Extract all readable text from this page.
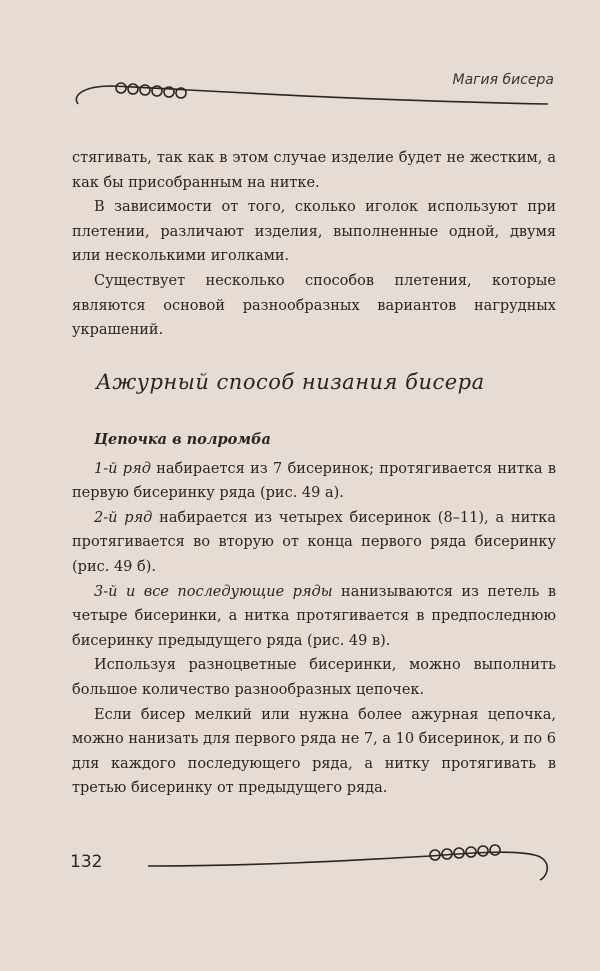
Магия бисера

стягивать, так как в этом случае изделие будет не жестким, а как бы присобранным на нитке.

В зависимости от того, сколько иголок используют при плетении, различают изделия, выполненные одной, двумя или несколькими иголками.

Существует несколько способов плетения, которые являются основой разнообразных вариантов нагрудных украшений.

Ажурный способ низания бисера

Цепочка в полромба

1-й ряд набирается из 7 бисеринок; протягивается нитка в первую бисеринку ряда (рис. 49 а).

2-й ряд набирается из четырех бисеринок (8–11), а нитка протягивается во вторую от конца первого ряда бисеринку (рис. 49 б).

3-й и все последующие ряды нанизываются из петель в четыре бисеринки, а нитка протягивается в предпоследнюю бисеринку предыдущего ряда (рис. 49 в).

Используя разноцветные бисеринки, можно выполнить большое количество разнообразных цепочек.

Если бисер мелкий или нужна более ажурная цепочка, можно нанизать для первого ряда не 7, а 10 бисеринок, и по 6 для каждого последующего ряда, а нитку протягивать в третью бисеринку от предыдущего ряда.

132
